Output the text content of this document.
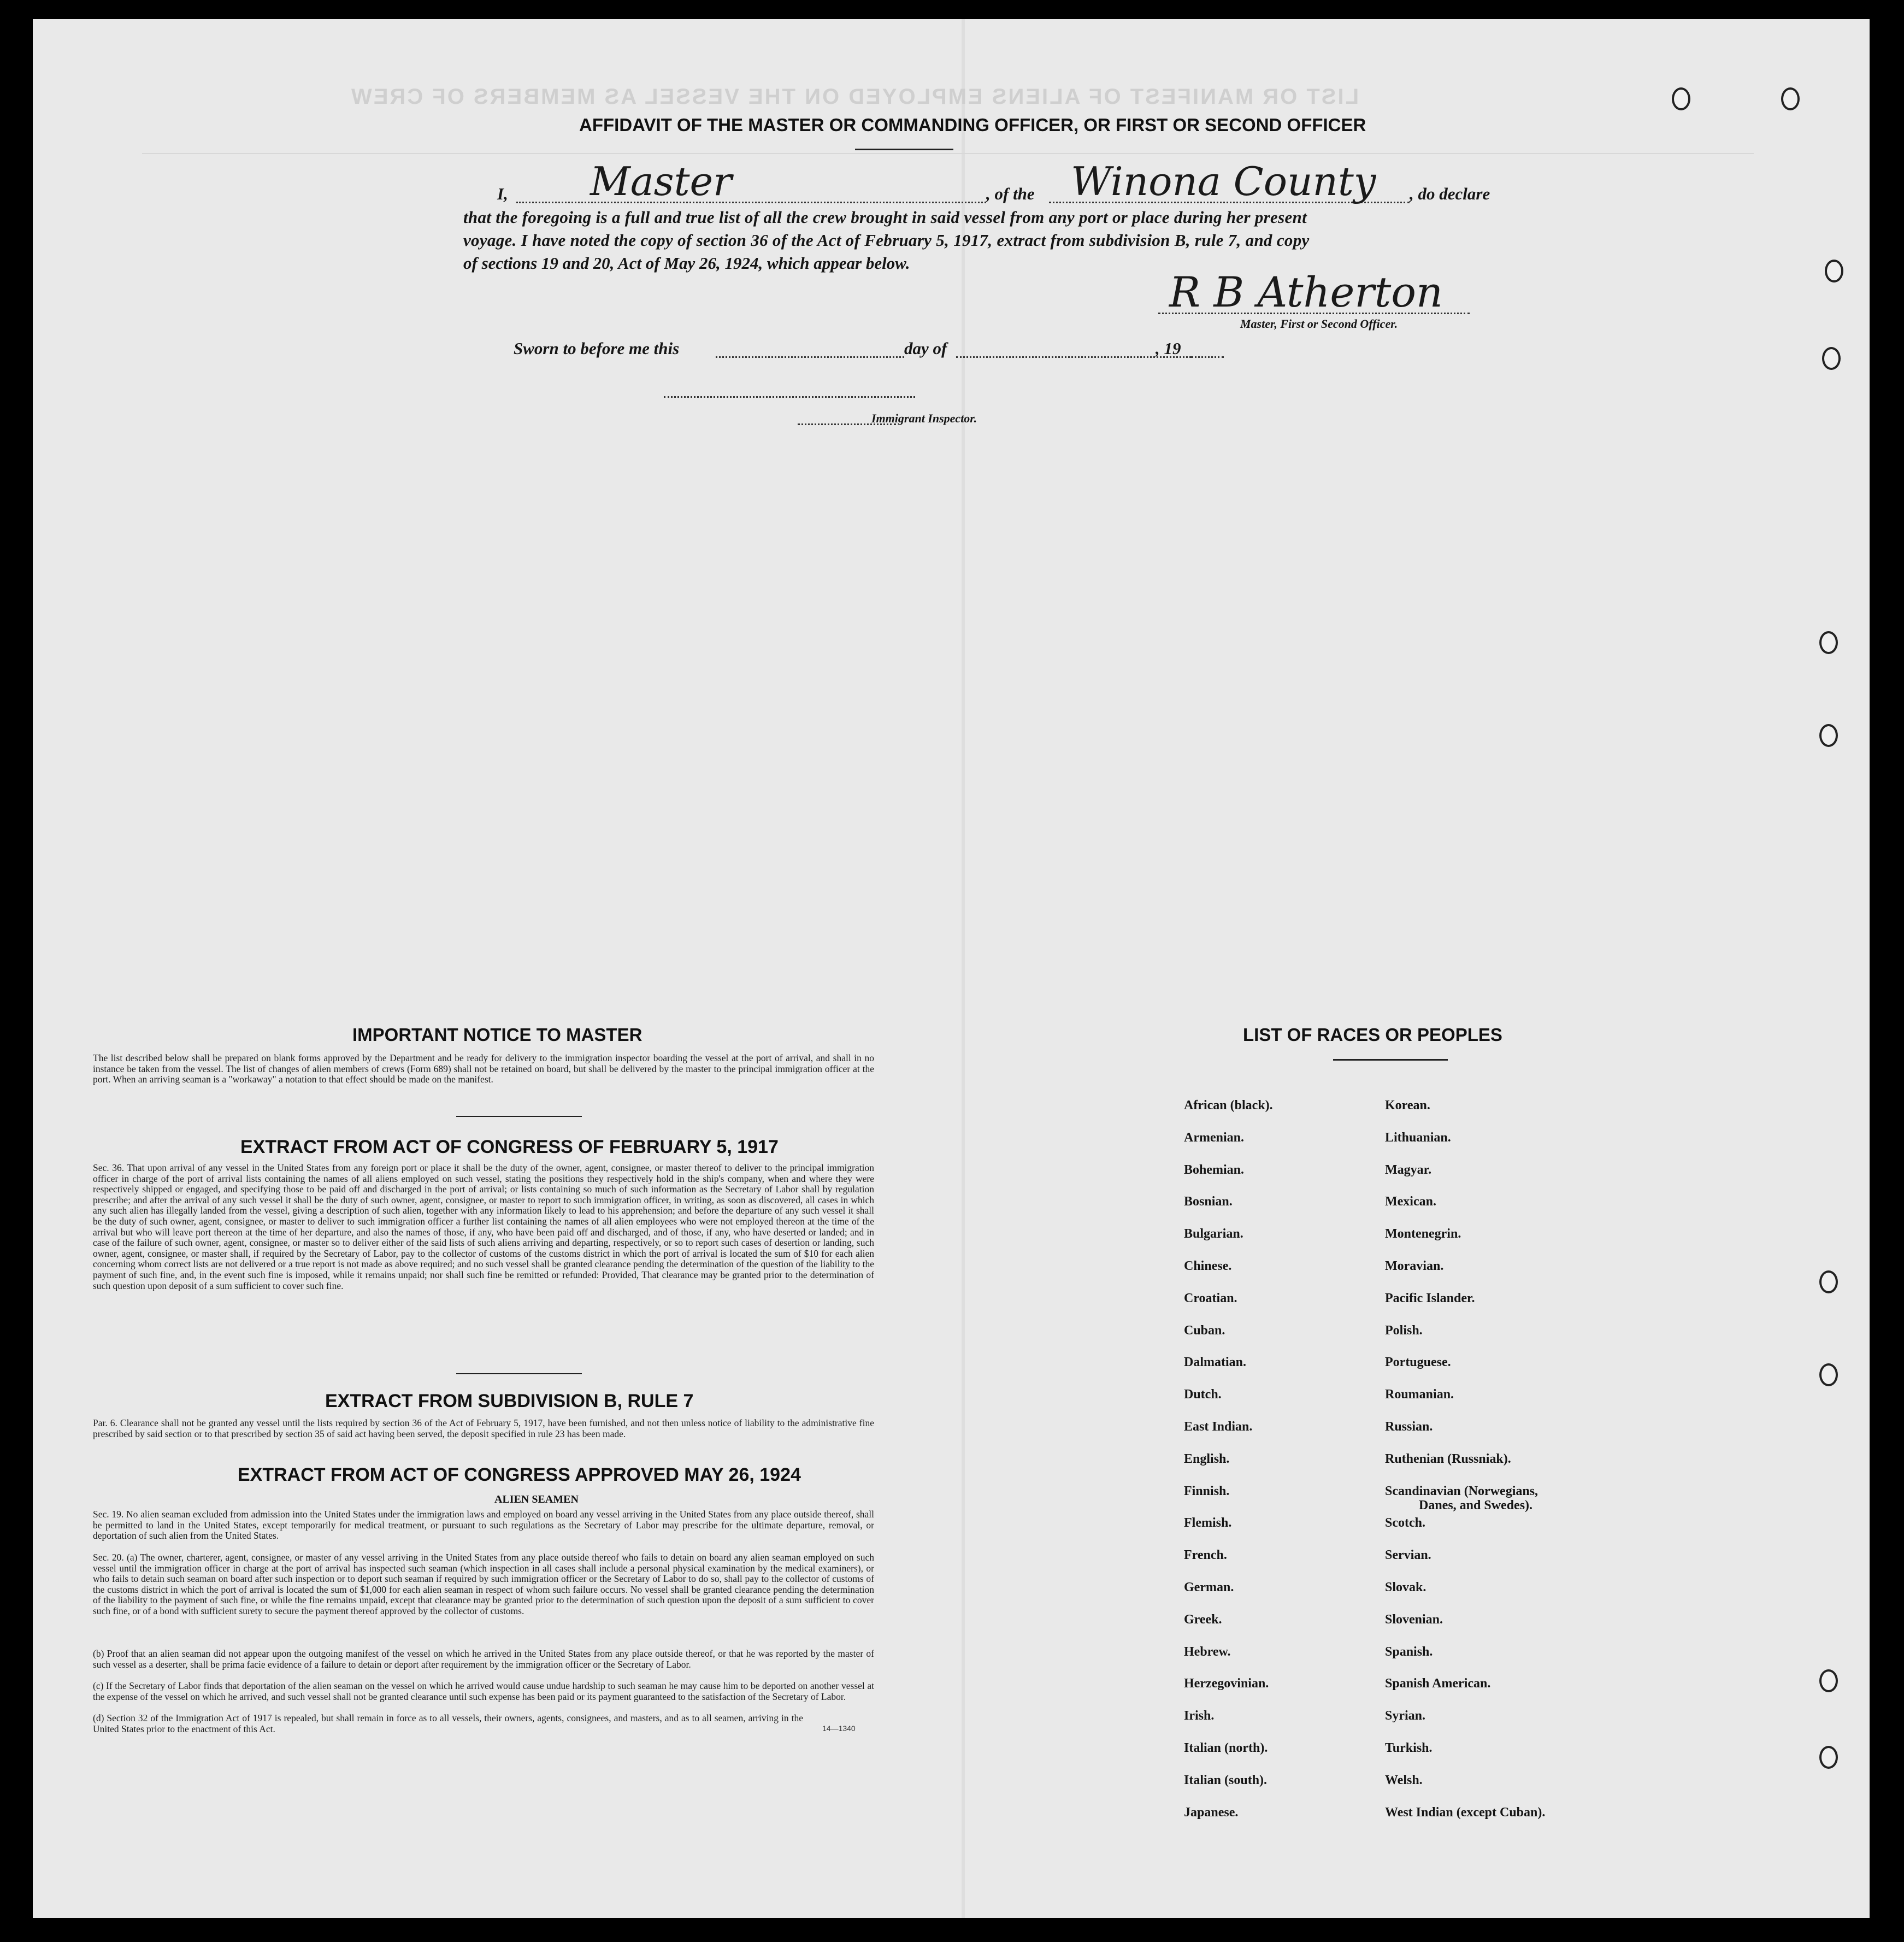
LIST OR MANIFEST OF ALIENS EMPLOYED ON THE VESSEL AS MEMBERS OF CREW
AFFIDAVIT OF THE MASTER OR COMMANDING OFFICER, OR FIRST OR SECOND OFFICER
I, Master	, of the Winona County , do declare
that the foregoing is a full and true list of all the crew brought in said vessel from any port or place during her present
voyage. I have noted the copy of section 36 of the Act of February 5, 1917, extract from subdivision B, rule 7, and copy
of sections 19 and 20, Act of May 26, 1924, which appear below.
R B Atherton
Master, First or Second Officer.
Sworn to before me this	day of	, 19
Immigrant Inspector.
IMPORTANT NOTICE TO MASTER
The list described below shall be prepared on blank forms approved by the Department and be ready for delivery to the immigration inspector boarding the vessel at the port of arrival, and shall in no instance be taken from the vessel. The list of changes of alien members of crews (Form 689) shall not be retained on board, but shall be delivered by the master to the principal immigration officer at the port. When an arriving seaman is a "workaway" a notation to that effect should be made on the manifest.
EXTRACT FROM ACT OF CONGRESS OF FEBRUARY 5, 1917
Sec. 36. That upon arrival of any vessel in the United States from any foreign port or place it shall be the duty of the owner, agent, consignee, or master thereof to deliver to the principal immigration officer in charge of the port of arrival lists containing the names of all aliens employed on such vessel, stating the positions they respectively hold in the ship's company, when and where they were respectively shipped or engaged, and specifying those to be paid off and discharged in the port of arrival; or lists containing so much of such information as the Secretary of Labor shall by regulation prescribe; and after the arrival of any such vessel it shall be the duty of such owner, agent, consignee, or master to report to such immigration officer, in writing, as soon as discovered, all cases in which any such alien has illegally landed from the vessel, giving a description of such alien, together with any information likely to lead to his apprehension; and before the departure of any such vessel it shall be the duty of such owner, agent, consignee, or master to deliver to such immigration officer a further list containing the names of all alien employees who were not employed thereon at the time of the arrival but who will leave port thereon at the time of her departure, and also the names of those, if any, who have been paid off and discharged, and of those, if any, who have deserted or landed; and in case of the failure of such owner, agent, consignee, or master so to deliver either of the said lists of such aliens arriving and departing, respectively, or so to report such cases of desertion or landing, such owner, agent, consignee, or master shall, if required by the Secretary of Labor, pay to the collector of customs of the customs district in which the port of arrival is located the sum of $10 for each alien concerning whom correct lists are not delivered or a true report is not made as above required; and no such vessel shall be granted clearance pending the determination of the question of the liability to the payment of such fine, and, in the event such fine is imposed, while it remains unpaid; nor shall such fine be remitted or refunded: Provided, That clearance may be granted prior to the determination of such question upon deposit of a sum sufficient to cover such fine.
EXTRACT FROM SUBDIVISION B, RULE 7
Par. 6. Clearance shall not be granted any vessel until the lists required by section 36 of the Act of February 5, 1917, have been furnished, and not then unless notice of liability to the administrative fine prescribed by said section or to that prescribed by section 35 of said act having been served, the deposit specified in rule 23 has been made.
EXTRACT FROM ACT OF CONGRESS APPROVED MAY 26, 1924
ALIEN SEAMEN
Sec. 19. No alien seaman excluded from admission into the United States under the immigration laws and employed on board any vessel arriving in the United States from any place outside thereof, shall be permitted to land in the United States, except temporarily for medical treatment, or pursuant to such regulations as the Secretary of Labor may prescribe for the ultimate departure, removal, or deportation of such alien from the United States.
Sec. 20. (a) The owner, charterer, agent, consignee, or master of any vessel arriving in the United States from any place outside thereof who fails to detain on board any alien seaman employed on such vessel until the immigration officer in charge at the port of arrival has inspected such seaman (which inspection in all cases shall include a personal physical examination by the medical examiners), or who fails to detain such seaman on board after such inspection or to deport such seaman if required by such immigration officer or the Secretary of Labor to do so, shall pay to the collector of customs of the customs district in which the port of arrival is located the sum of $1,000 for each alien seaman in respect of whom such failure occurs. No vessel shall be granted clearance pending the determination of the liability to the payment of such fine, or while the fine remains unpaid, except that clearance may be granted prior to the determination of such question upon the deposit of a sum sufficient to cover such fine, or of a bond with sufficient surety to secure the payment thereof approved by the collector of customs.
(b) Proof that an alien seaman did not appear upon the outgoing manifest of the vessel on which he arrived in the United States from any place outside thereof, or that he was reported by the master of such vessel as a deserter, shall be prima facie evidence of a failure to detain or deport after requirement by the immigration officer or the Secretary of Labor.
(c) If the Secretary of Labor finds that deportation of the alien seaman on the vessel on which he arrived would cause undue hardship to such seaman he may cause him to be deported on another vessel at the expense of the vessel on which he arrived, and such vessel shall not be granted clearance until such expense has been paid or its payment guaranteed to the satisfaction of the Secretary of Labor.
(d) Section 32 of the Immigration Act of 1917 is repealed, but shall remain in force as to all vessels, their owners, agents, consignees, and masters, and as to all seamen, arriving in the United States prior to the enactment of this Act.	14—1340
LIST OF RACES OR PEOPLES
African (black).
Armenian.
Bohemian.
Bosnian.
Bulgarian.
Chinese.
Croatian.
Cuban.
Dalmatian.
Dutch.
East Indian.
English.
Finnish.
Flemish.
French.
German.
Greek.
Hebrew.
Herzegovinian.
Irish.
Italian (north).
Italian (south).
Japanese.
Korean.
Lithuanian.
Magyar.
Mexican.
Montenegrin.
Moravian.
Pacific Islander.
Polish.
Portuguese.
Roumanian.
Russian.
Ruthenian (Russniak).
Scandinavian (Norwegians,
Danes, and Swedes).
Scotch.
Servian.
Slovak.
Slovenian.
Spanish.
Spanish American.
Syrian.
Turkish.
Welsh.
West Indian (except Cuban).
